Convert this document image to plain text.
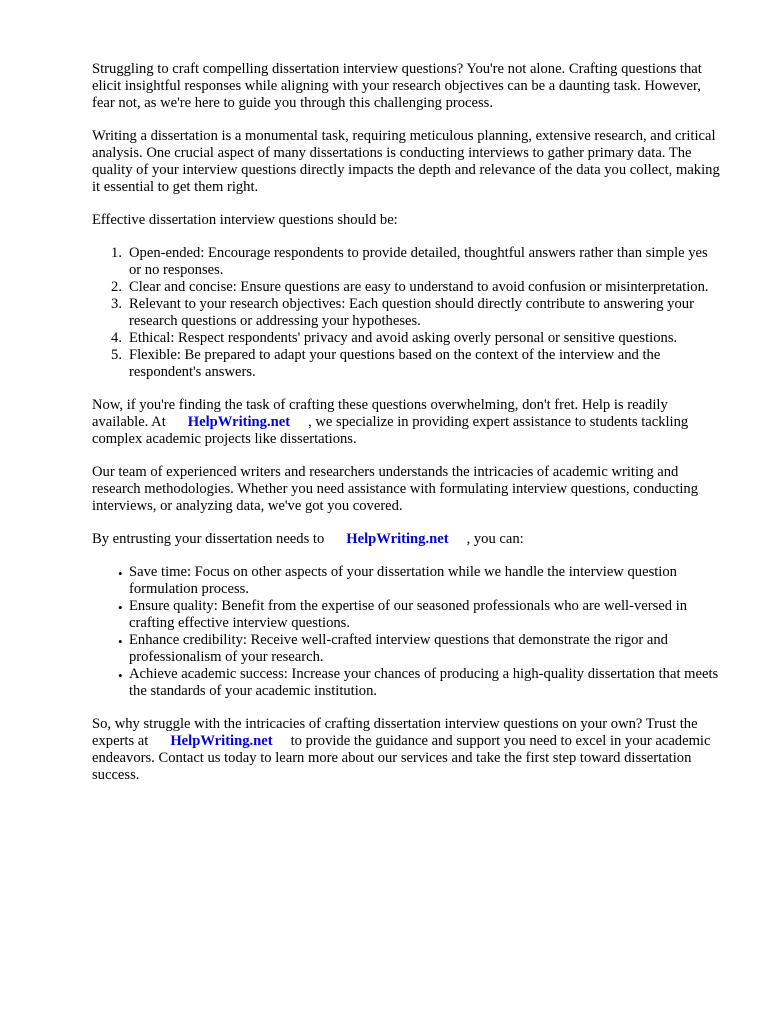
Struggling to craft compelling dissertation interview questions? You're not alone. Crafting questions that elicit insightful responses while aligning with your research objectives can be a daunting task. However, fear not, as we're here to guide you through this challenging process.

Writing a dissertation is a monumental task, requiring meticulous planning, extensive research, and critical analysis. One crucial aspect of many dissertations is conducting interviews to gather primary data. The quality of your interview questions directly impacts the depth and relevance of the data you collect, making it essential to get them right.

Effective dissertation interview questions should be:

1. Open-ended: Encourage respondents to provide detailed, thoughtful answers rather than simple yes or no responses.
2. Clear and concise: Ensure questions are easy to understand to avoid confusion or misinterpretation.
3. Relevant to your research objectives: Each question should directly contribute to answering your research questions or addressing your hypotheses.
4. Ethical: Respect respondents' privacy and avoid asking overly personal or sensitive questions.
5. Flexible: Be prepared to adapt your questions based on the context of the interview and the respondent's answers.

Now, if you're finding the task of crafting these questions overwhelming, don't fret. Help is readily available. At HelpWriting.net , we specialize in providing expert assistance to students tackling complex academic projects like dissertations.

Our team of experienced writers and researchers understands the intricacies of academic writing and research methodologies. Whether you need assistance with formulating interview questions, conducting interviews, or analyzing data, we've got you covered.

By entrusting your dissertation needs to HelpWriting.net , you can:

• Save time: Focus on other aspects of your dissertation while we handle the interview question formulation process.
• Ensure quality: Benefit from the expertise of our seasoned professionals who are well-versed in crafting effective interview questions.
• Enhance credibility: Receive well-crafted interview questions that demonstrate the rigor and professionalism of your research.
• Achieve academic success: Increase your chances of producing a high-quality dissertation that meets the standards of your academic institution.

So, why struggle with the intricacies of crafting dissertation interview questions on your own? Trust the experts at HelpWriting.net to provide the guidance and support you need to excel in your academic endeavors. Contact us today to learn more about our services and take the first step toward dissertation success.
